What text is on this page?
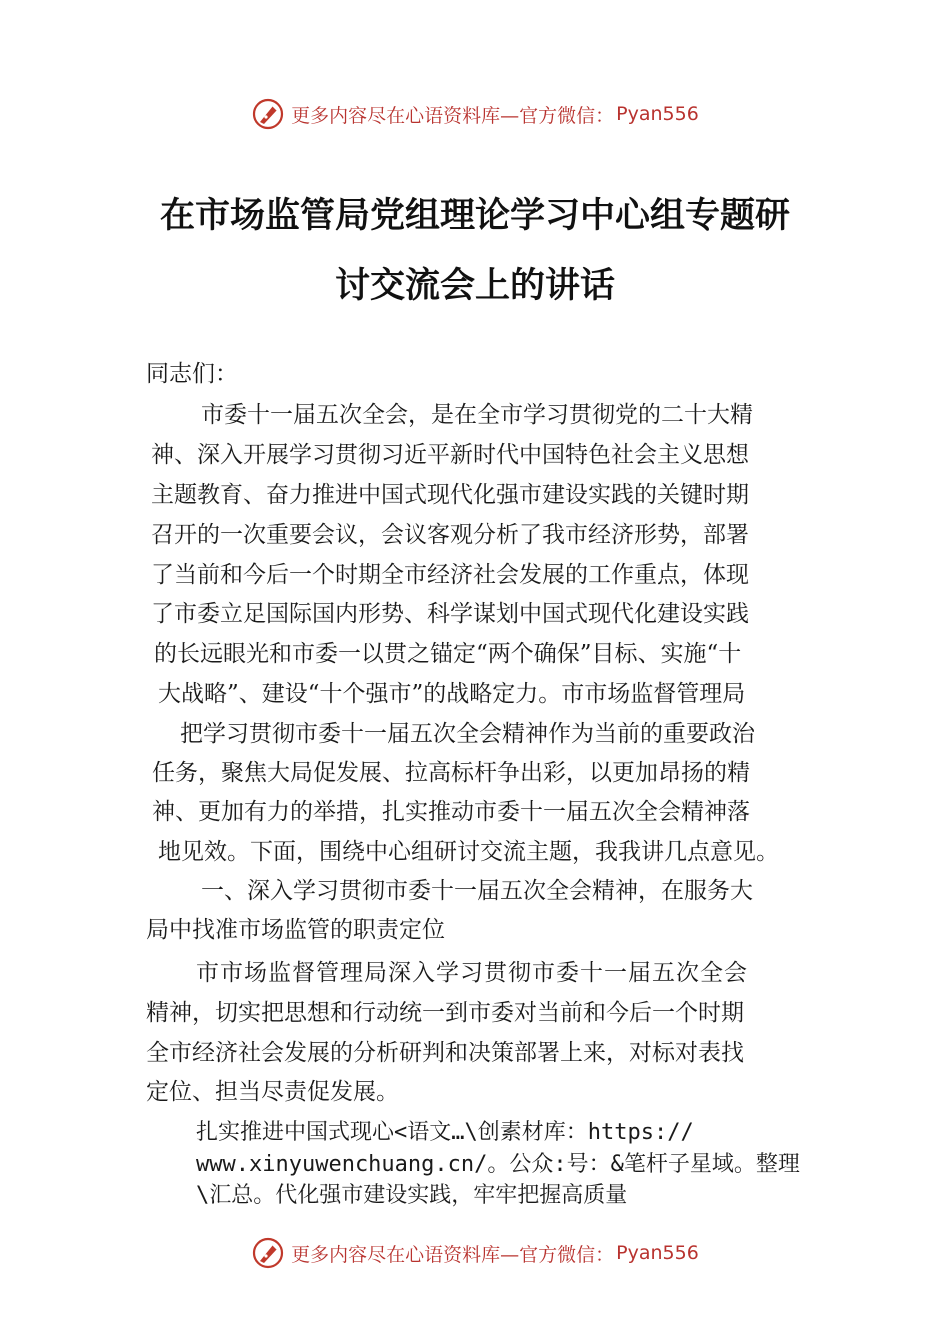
更多内容尽在心语资料库—官方微信： Pyan556
在市场监管局党组理论学习中心组专题研
讨交流会上的讲话
同志们：
市委十一届五次全会，是在全市学习贯彻党的二十大精
神、深入开展学习贯彻习近平新时代中国特色社会主义思想
主题教育、奋力推进中国式现代化强市建设实践的关键时期
召开的一次重要会议，会议客观分析了我市经济形势，部署
了当前和今后一个时期全市经济社会发展的工作重点，体现
了市委立足国际国内形势、科学谋划中国式现代化建设实践
的长远眼光和市委一以贯之锚定“两个确保”目标、实施“十
大战略”、建设“十个强市”的战略定力。市市场监督管理局
把学习贯彻市委十一届五次全会精神作为当前的重要政治
任务，聚焦大局促发展、拉高标杆争出彩，以更加昂扬的精
神、更加有力的举措，扎实推动市委十一届五次全会精神落
地见效。下面，围绕中心组研讨交流主题，我我讲几点意见。
一、深入学习贯彻市委十一届五次全会精神，在服务大
局中找准市场监管的职责定位
市市场监督管理局深入学习贯彻市委十一届五次全会
精神，切实把思想和行动统一到市委对当前和今后一个时期
全市经济社会发展的分析研判和决策部署上来，对标对表找
定位、担当尽责促发展。
扎实推进中国式现心<语文…\创素材库：https://
www.xinyuwenchuang.cn/。公众:号：&笔杆子星域。整理
\汇总。代化强市建设实践，牢牢把握高质量
更多内容尽在心语资料库—官方微信： Pyan556
